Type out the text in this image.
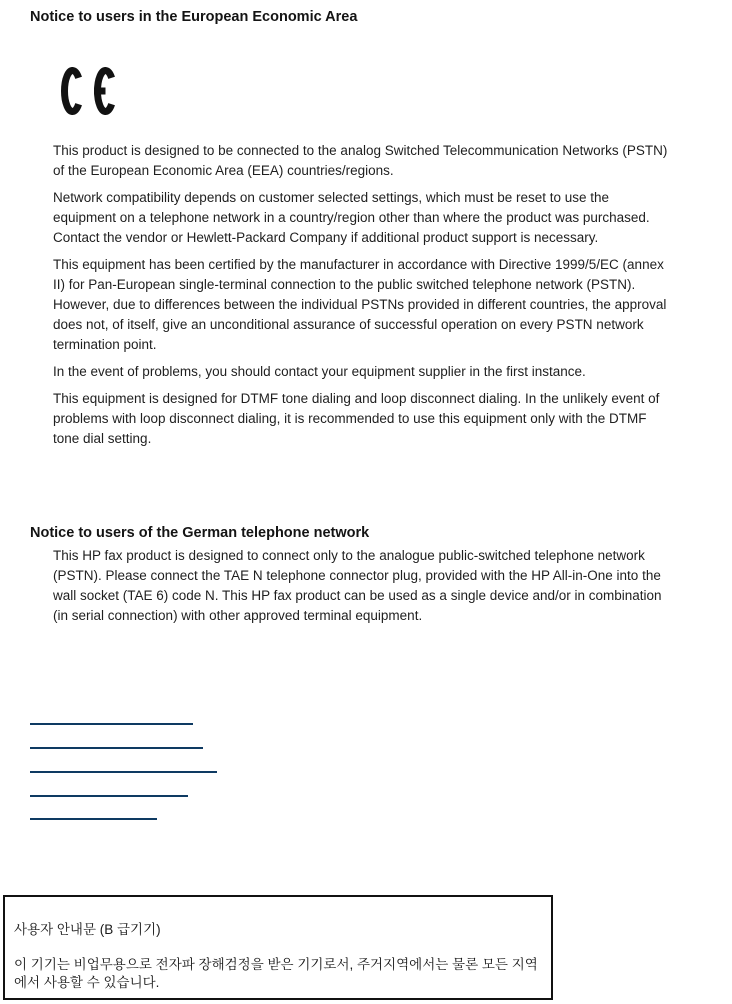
Notice to users in the European Economic Area

This product is designed to be connected to the analog Switched Telecommunication Networks (PSTN) of the European Economic Area (EEA) countries/regions.

Network compatibility depends on customer selected settings, which must be reset to use the equipment on a telephone network in a country/region other than where the product was purchased. Contact the vendor or Hewlett-Packard Company if additional product support is necessary.

This equipment has been certified by the manufacturer in accordance with Directive 1999/5/EC (annex II) for Pan-European single-terminal connection to the public switched telephone network (PSTN). However, due to differences between the individual PSTNs provided in different countries, the approval does not, of itself, give an unconditional assurance of successful operation on every PSTN network termination point.

In the event of problems, you should contact your equipment supplier in the first instance.

This equipment is designed for DTMF tone dialing and loop disconnect dialing. In the unlikely event of problems with loop disconnect dialing, it is recommended to use this equipment only with the DTMF tone dial setting.

Notice to users of the German telephone network

This HP fax product is designed to connect only to the analogue public-switched telephone network (PSTN). Please connect the TAE N telephone connector plug, provided with the HP All-in-One into the wall socket (TAE 6) code N. This HP fax product can be used as a single device and/or in combination (in serial connection) with other approved terminal equipment.

사용자 안내문 (B 급기기)

이 기기는 비업무용으로 전자파 장해검정을 받은 기기로서, 주거지역에서는 물론 모든 지역에서 사용할 수 있습니다.
